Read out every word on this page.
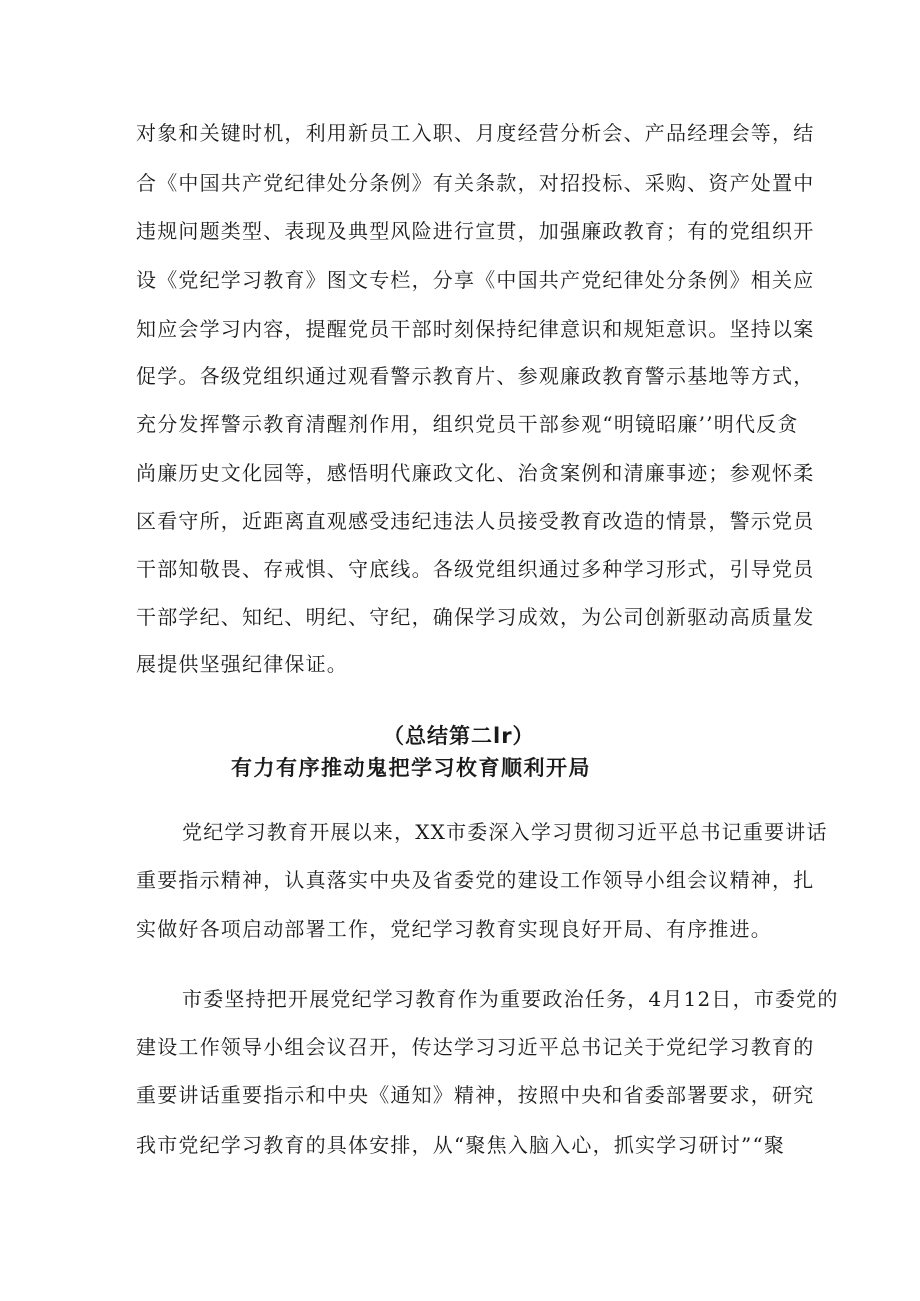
对象和关键时机，利用新员工入职、月度经营分析会、产品经理会等，结
合《中国共产党纪律处分条例》有关条款，对招投标、采购、资产处置中
违规问题类型、表现及典型风险进行宣贯，加强廉政教育；有的党组织开
设《党纪学习教育》图文专栏，分享《中国共产党纪律处分条例》相关应
知应会学习内容，提醒党员干部时刻保持纪律意识和规矩意识。坚持以案
促学。各级党组织通过观看警示教育片、参观廉政教育警示基地等方式，
充分发挥警示教育清醒剂作用，组织党员干部参观“明镜昭廉’’明代反贪
尚廉历史文化园等，感悟明代廉政文化、治贪案例和清廉事迹；参观怀柔
区看守所，近距离直观感受违纪违法人员接受教育改造的情景，警示党员
干部知敬畏、存戒惧、守底线。各级党组织通过多种学习形式，引导党员
干部学纪、知纪、明纪、守纪，确保学习成效，为公司创新驱动高质量发
展提供坚强纪律保证。
（总结第二lr）
有力有序推动鬼把学习枚育顺利开局
党纪学习教育开展以来，XX市委深入学习贯彻习近平总书记重要讲话
重要指示精神，认真落实中央及省委党的建设工作领导小组会议精神，扎
实做好各项启动部署工作，党纪学习教育实现良好开局、有序推进。
市委坚持把开展党纪学习教育作为重要政治任务，4月12日，市委党的
建设工作领导小组会议召开，传达学习习近平总书记关于党纪学习教育的
重要讲话重要指示和中央《通知》精神，按照中央和省委部署要求，研究
我市党纪学习教育的具体安排，从“聚焦入脑入心，抓实学习研讨”“聚
